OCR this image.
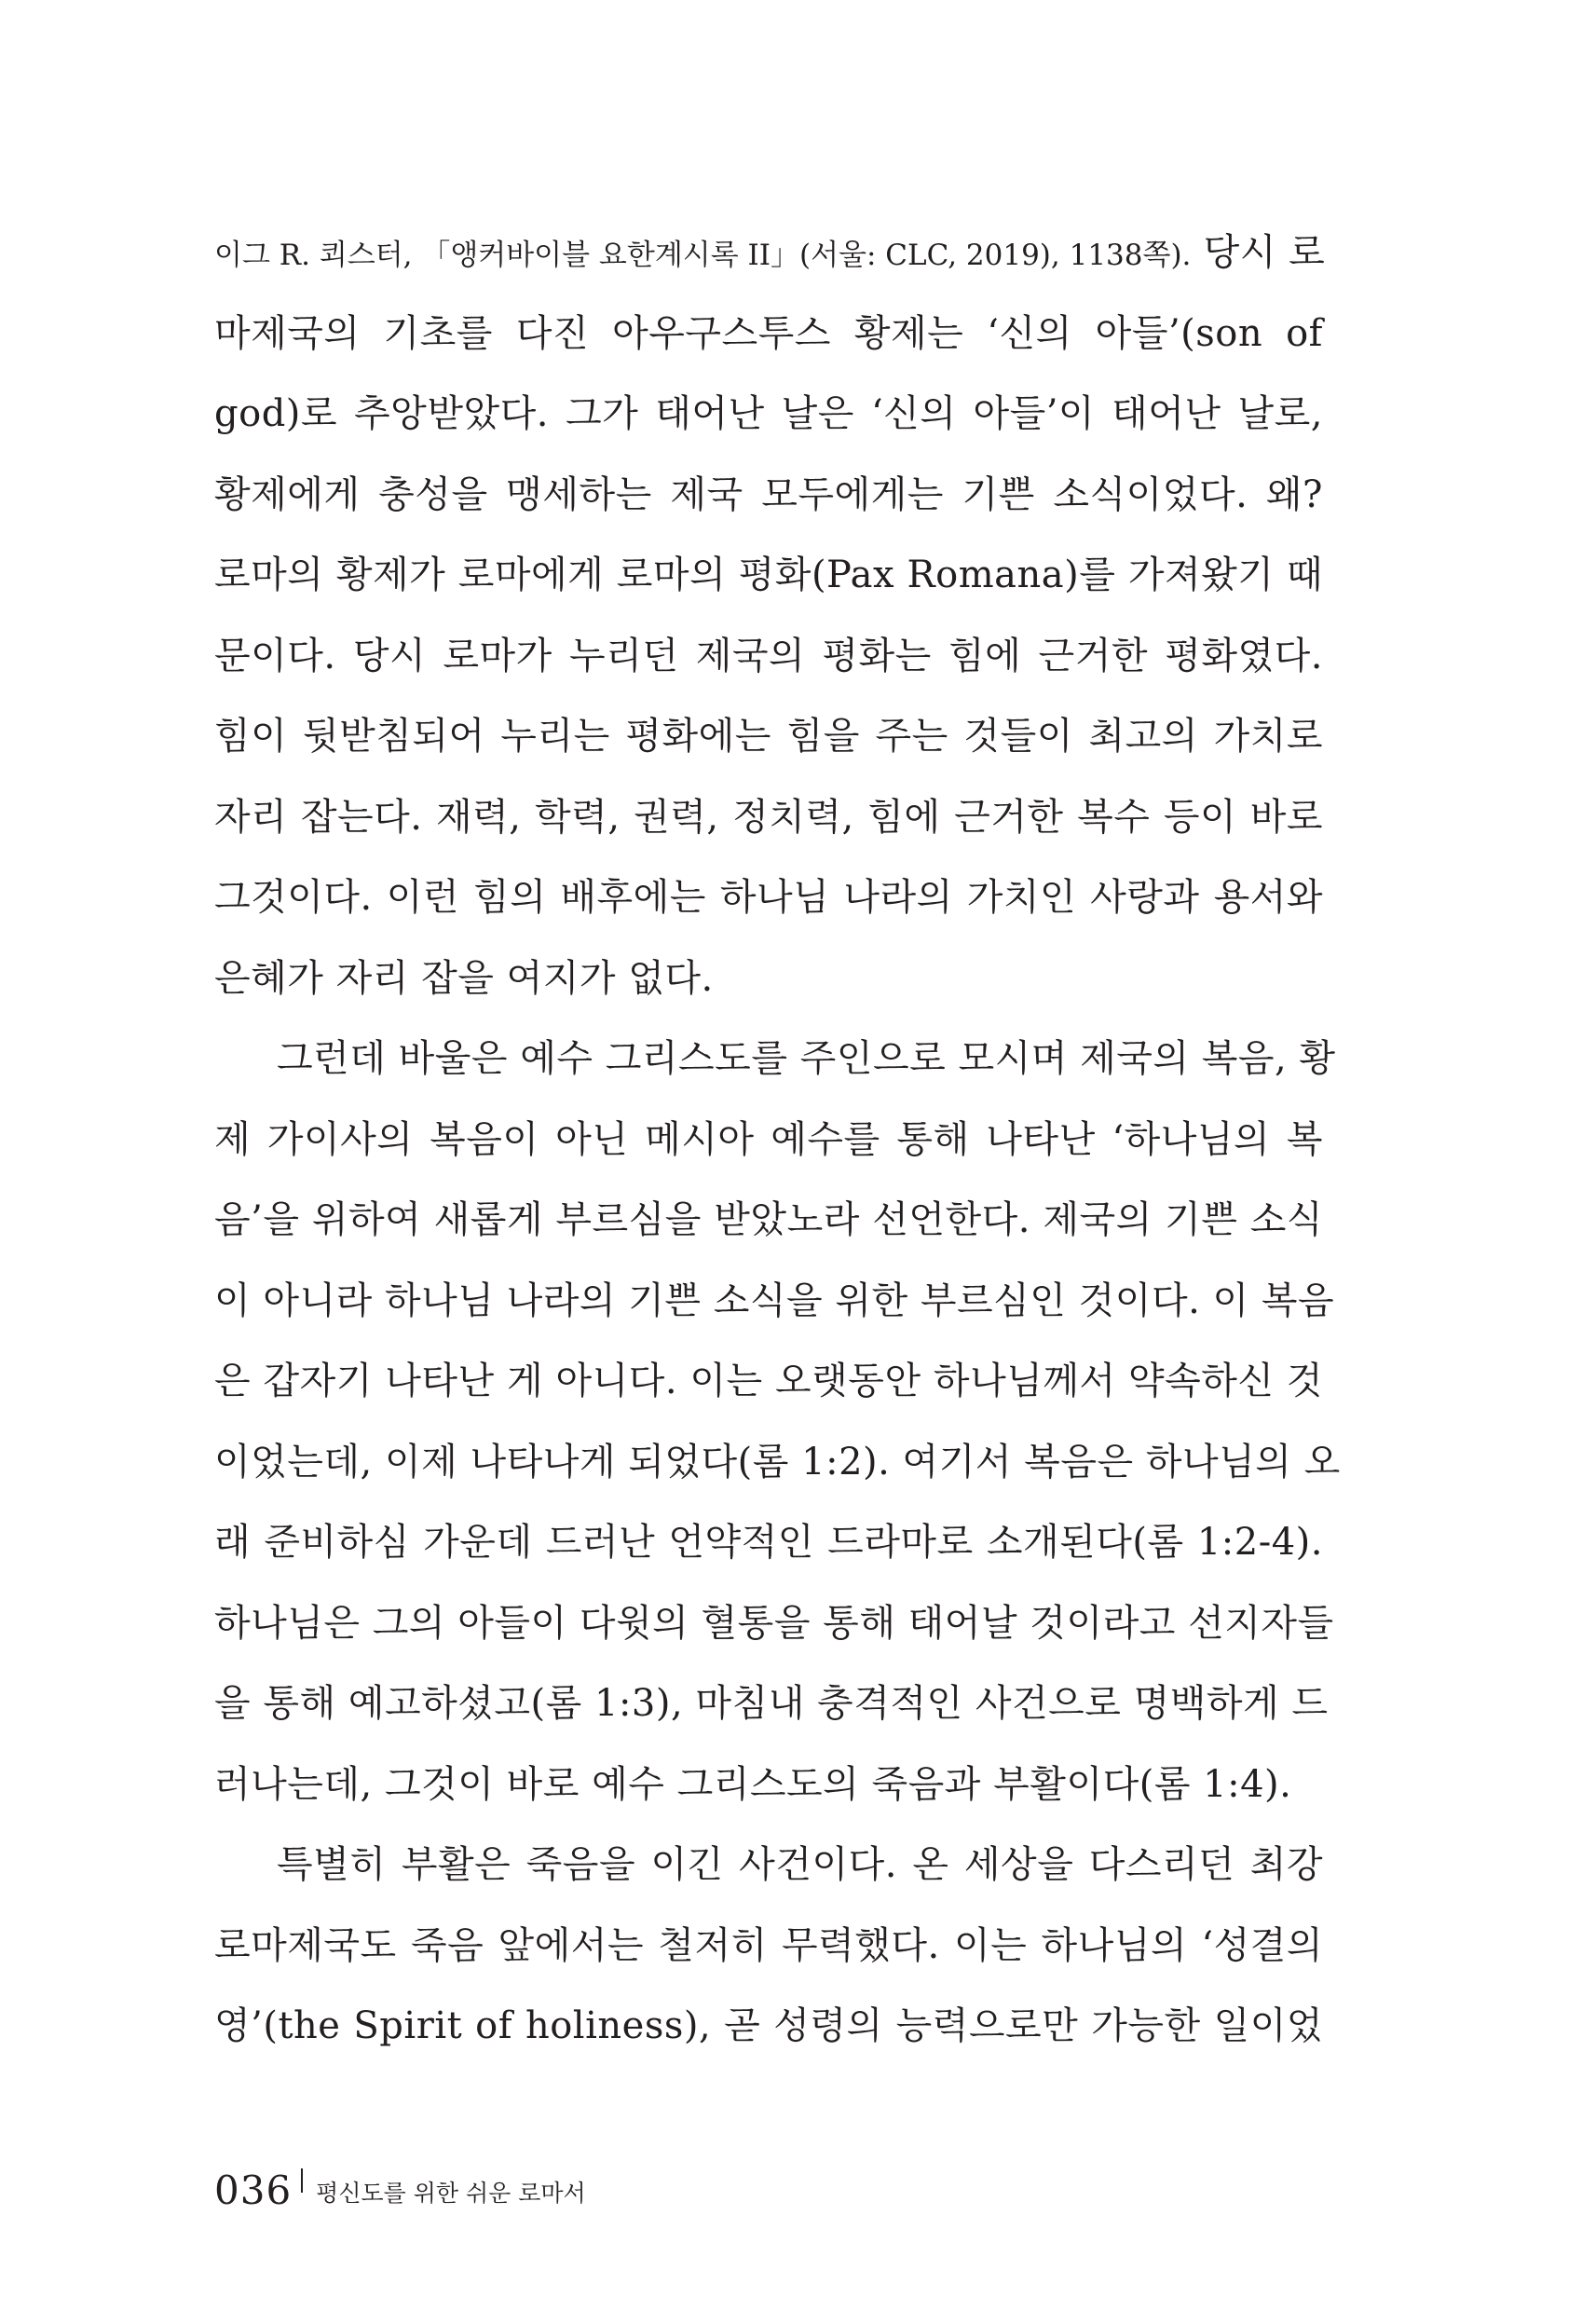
이그 R. 쾨스터, 「앵커바이블 요한계시록 II」(서울: CLC, 2019), 1138쪽). 당시 로
마제국의 기초를 다진 아우구스투스 황제는 ‘신의 아들’(son of
god)로 추앙받았다. 그가 태어난 날은 ‘신의 아들’이 태어난 날로,
황제에게 충성을 맹세하는 제국 모두에게는 기쁜 소식이었다. 왜?
로마의 황제가 로마에게 로마의 평화(Pax Romana)를 가져왔기 때
문이다. 당시 로마가 누리던 제국의 평화는 힘에 근거한 평화였다.
힘이 뒷받침되어 누리는 평화에는 힘을 주는 것들이 최고의 가치로
자리 잡는다. 재력, 학력, 권력, 정치력, 힘에 근거한 복수 등이 바로
그것이다. 이런 힘의 배후에는 하나님 나라의 가치인 사랑과 용서와
은혜가 자리 잡을 여지가 없다.
그런데 바울은 예수 그리스도를 주인으로 모시며 제국의 복음, 황
제 가이사의 복음이 아닌 메시아 예수를 통해 나타난 ‘하나님의 복
음’을 위하여 새롭게 부르심을 받았노라 선언한다. 제국의 기쁜 소식
이 아니라 하나님 나라의 기쁜 소식을 위한 부르심인 것이다. 이 복음
은 갑자기 나타난 게 아니다. 이는 오랫동안 하나님께서 약속하신 것
이었는데, 이제 나타나게 되었다(롬 1:2). 여기서 복음은 하나님의 오
래 준비하심 가운데 드러난 언약적인 드라마로 소개된다(롬 1:2-4).
하나님은 그의 아들이 다윗의 혈통을 통해 태어날 것이라고 선지자들
을 통해 예고하셨고(롬 1:3), 마침내 충격적인 사건으로 명백하게 드
러나는데, 그것이 바로 예수 그리스도의 죽음과 부활이다(롬 1:4).
특별히 부활은 죽음을 이긴 사건이다. 온 세상을 다스리던 최강
로마제국도 죽음 앞에서는 철저히 무력했다. 이는 하나님의 ‘성결의
영’(the Spirit of holiness), 곧 성령의 능력으로만 가능한 일이었
036 평신도를 위한 쉬운 로마서
